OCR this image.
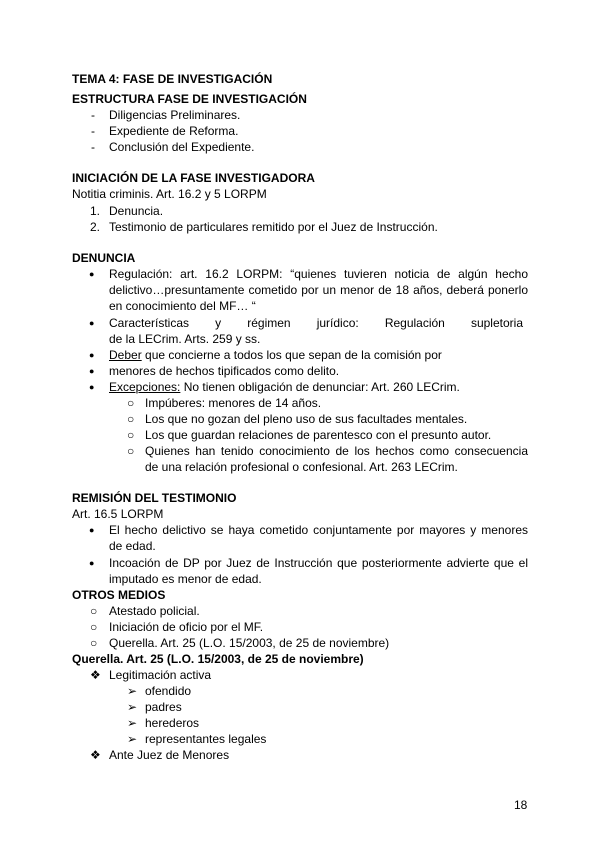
TEMA 4: FASE DE INVESTIGACIÓN
ESTRUCTURA FASE DE INVESTIGACIÓN
- Diligencias Preliminares.
- Expediente de Reforma.
- Conclusión del Expediente.
INICIACIÓN DE LA FASE INVESTIGADORA
Notitia criminis. Art. 16.2 y 5 LORPM
1. Denuncia.
2. Testimonio de particulares remitido por el Juez de Instrucción.
DENUNCIA
● Regulación: art. 16.2 LORPM: “quienes tuvieren noticia de algún hecho
delictivo…presuntamente cometido por un menor de 18 años, deberá ponerlo
en conocimiento del MF… “
● Características y régimen jurídico: Regulación supletoria
de la LECrim. Arts. 259 y ss.
● Deber que concierne a todos los que sepan de la comisión por
● menores de hechos tipificados como delito.
● Excepciones: No tienen obligación de denunciar: Art. 260 LECrim.
○ Impúberes: menores de 14 años.
○ Los que no gozan del pleno uso de sus facultades mentales.
○ Los que guardan relaciones de parentesco con el presunto autor.
○ Quienes han tenido conocimiento de los hechos como consecuencia
de una relación profesional o confesional. Art. 263 LECrim.
REMISIÓN DEL TESTIMONIO
Art. 16.5 LORPM
● El hecho delictivo se haya cometido conjuntamente por mayores y menores
de edad.
● Incoación de DP por Juez de Instrucción que posteriormente advierte que el
imputado es menor de edad.
OTROS MEDIOS
○ Atestado policial.
○ Iniciación de oficio por el MF.
○ Querella. Art. 25 (L.O. 15/2003, de 25 de noviembre)
Querella. Art. 25 (L.O. 15/2003, de 25 de noviembre)
❖ Legitimación activa
➢ ofendido
➢ padres
➢ herederos
➢ representantes legales
❖ Ante Juez de Menores
18
